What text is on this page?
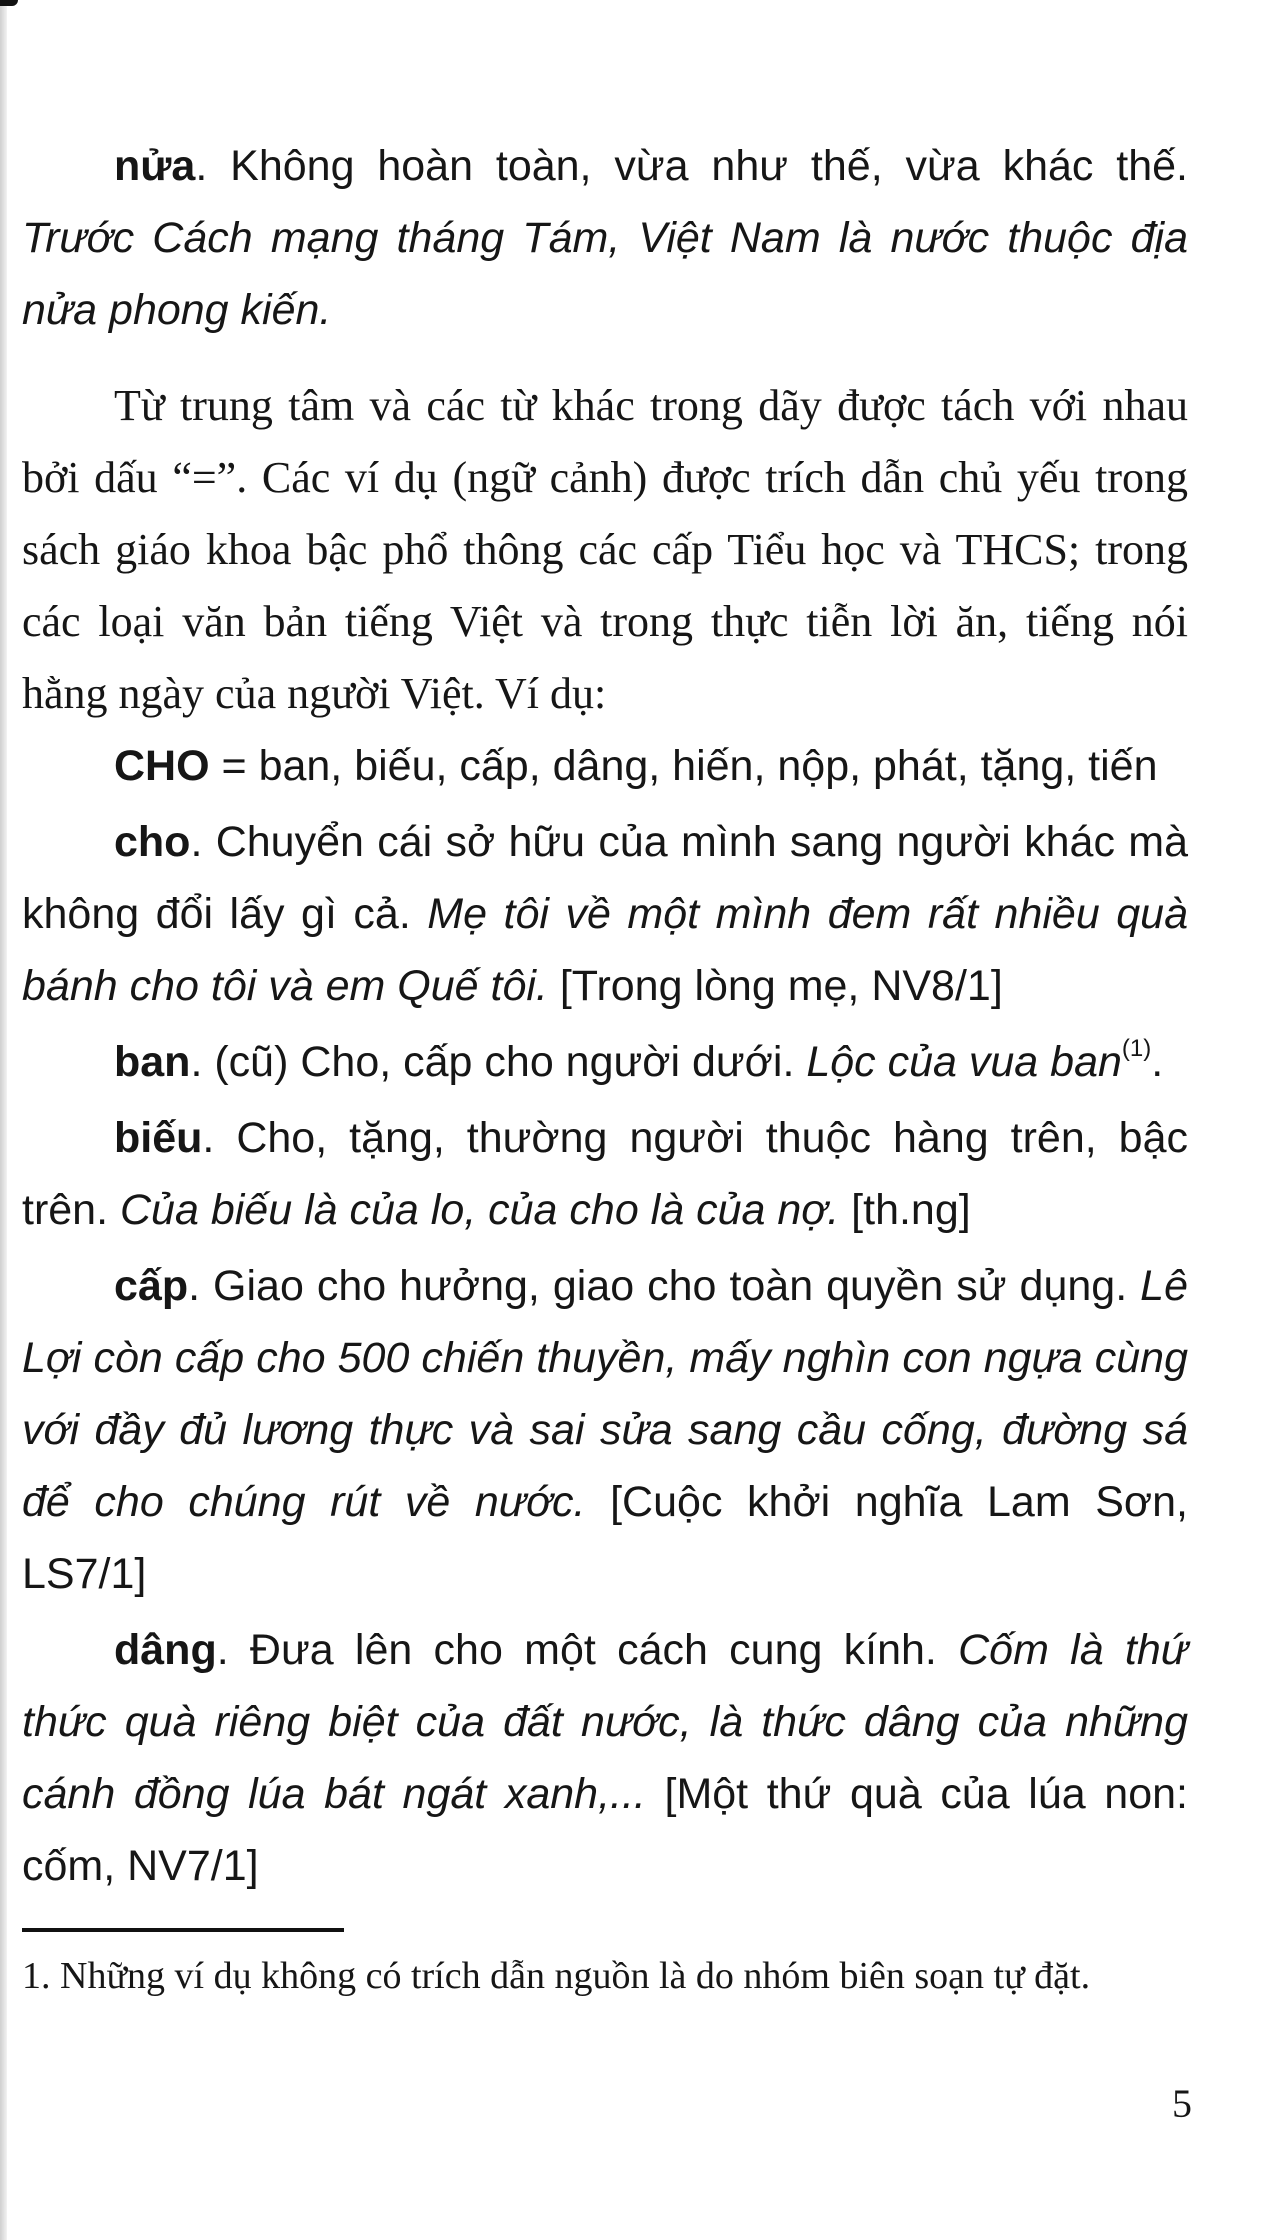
nửa. Không hoàn toàn, vừa như thế, vừa khác thế. Trước Cách mạng tháng Tám, Việt Nam là nước thuộc địa nửa phong kiến.

Từ trung tâm và các từ khác trong dãy được tách với nhau bởi dấu “=”. Các ví dụ (ngữ cảnh) được trích dẫn chủ yếu trong sách giáo khoa bậc phổ thông các cấp Tiểu học và THCS; trong các loại văn bản tiếng Việt và trong thực tiễn lời ăn, tiếng nói hằng ngày của người Việt. Ví dụ:

CHO = ban, biếu, cấp, dâng, hiến, nộp, phát, tặng, tiến

cho. Chuyển cái sở hữu của mình sang người khác mà không đổi lấy gì cả. Mẹ tôi về một mình đem rất nhiều quà bánh cho tôi và em Quế tôi. [Trong lòng mẹ, NV8/1]

ban. (cũ) Cho, cấp cho người dưới. Lộc của vua ban$^{(1)}$.

biếu. Cho, tặng, thường người thuộc hàng trên, bậc trên. Của biếu là của lo, của cho là của nợ. [th.ng]

cấp. Giao cho hưởng, giao cho toàn quyền sử dụng. Lê Lợi còn cấp cho 500 chiến thuyền, mấy nghìn con ngựa cùng với đầy đủ lương thực và sai sửa sang cầu cống, đường sá để cho chúng rút về nước. [Cuộc khởi nghĩa Lam Sơn, LS7/1]

dâng. Đưa lên cho một cách cung kính. Cốm là thứ thức quà riêng biệt của đất nước, là thức dâng của những cánh đồng lúa bát ngát xanh,... [Một thứ quà của lúa non: cốm, NV7/1]

1. Những ví dụ không có trích dẫn nguồn là do nhóm biên soạn tự đặt.

5
